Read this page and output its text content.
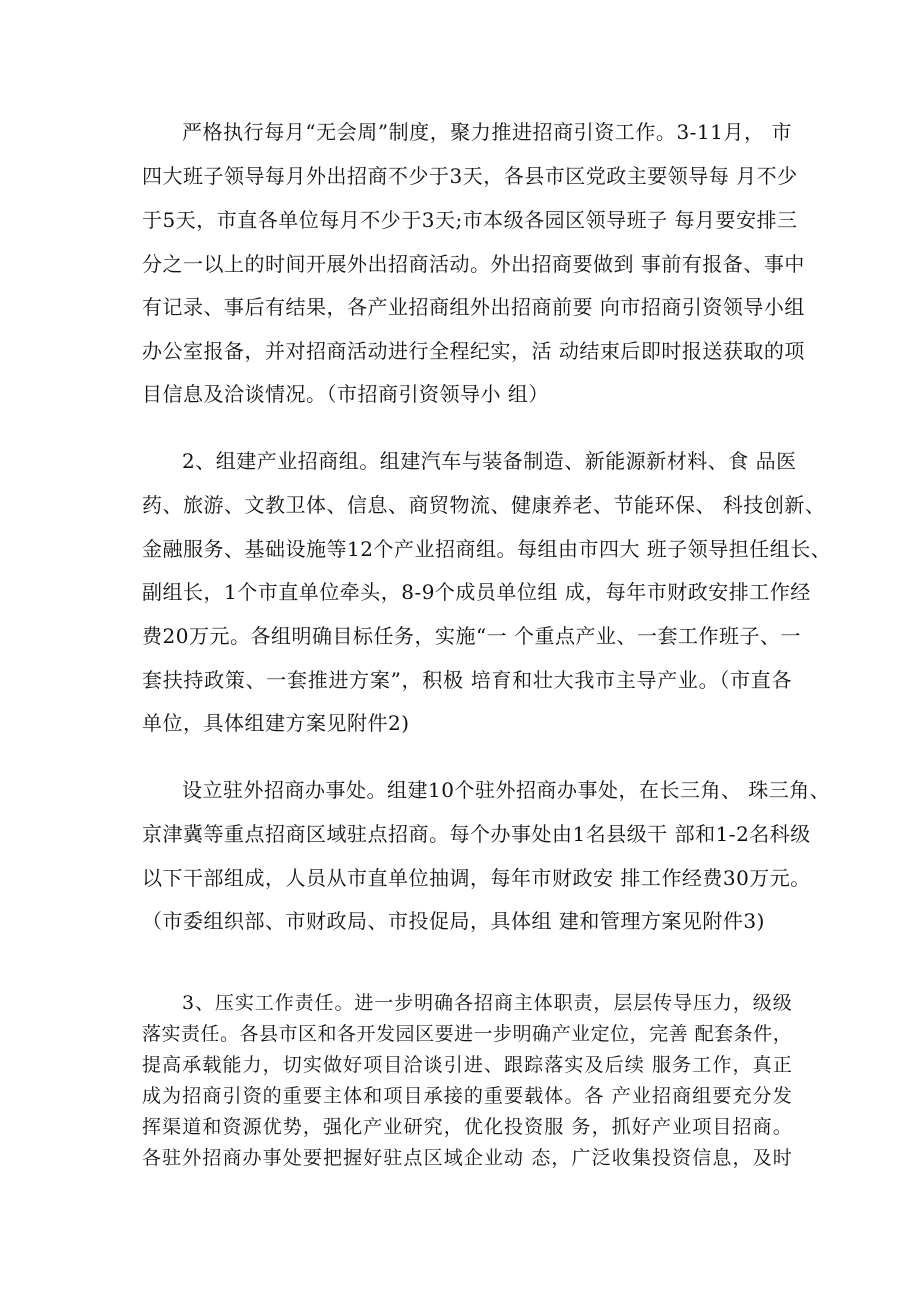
严格执行每月“无会周”制度，聚力推进招商引资工作。3-11月， 市
四大班子领导每月外出招商不少于3天，各县市区党政主要领导每 月不少
于5天，市直各单位每月不少于3天;市本级各园区领导班子 每月要安排三
分之一以上的时间开展外出招商活动。外出招商要做到 事前有报备、事中
有记录、事后有结果，各产业招商组外出招商前要 向市招商引资领导小组
办公室报备，并对招商活动进行全程纪实，活 动结束后即时报送获取的项
目信息及洽谈情况。（市招商引资领导小 组）
2、组建产业招商组。组建汽车与装备制造、新能源新材料、食 品医
药、旅游、文教卫体、信息、商贸物流、健康养老、节能环保、 科技创新、
金融服务、基础设施等12个产业招商组。每组由市四大 班子领导担任组长、
副组长，1个市直单位牵头，8-9个成员单位组 成，每年市财政安排工作经
费20万元。各组明确目标任务，实施“一 个重点产业、一套工作班子、一
套扶持政策、一套推进方案”，积极 培育和壮大我市主导产业。（市直各
单位，具体组建方案见附件2)
设立驻外招商办事处。组建10个驻外招商办事处，在长三角、 珠三角、
京津冀等重点招商区域驻点招商。每个办事处由1名县级干 部和1-2名科级
以下干部组成，人员从市直单位抽调，每年市财政安 排工作经费30万元。
（市委组织部、市财政局、市投促局，具体组 建和管理方案见附件3)
3、压实工作责任。进一步明确各招商主体职责，层层传导压力，级级
落实责任。各县市区和各开发园区要进一步明确产业定位，完善 配套条件，
提高承载能力，切实做好项目洽谈引进、跟踪落实及后续 服务工作，真正
成为招商引资的重要主体和项目承接的重要载体。各 产业招商组要充分发
挥渠道和资源优势，强化产业研究，优化投资服 务，抓好产业项目招商。
各驻外招商办事处要把握好驻点区域企业动 态，广泛收集投资信息，及时
